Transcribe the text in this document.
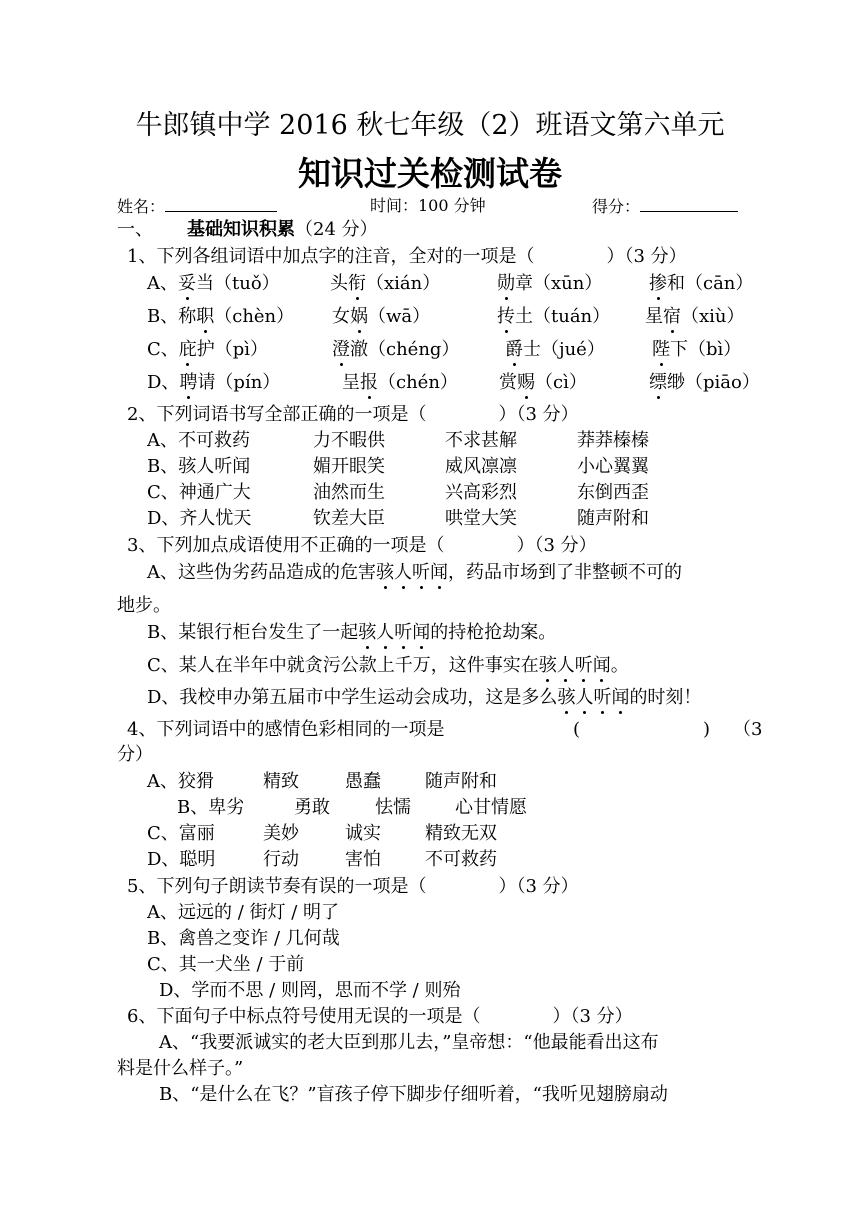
牛郎镇中学 2016 秋七年级（2）班语文第六单元
知识过关检测试卷
姓名：	时间：100 分钟	得分：
一、 基础知识积累（24 分）
1、下列各组词语中加点字的注音，全对的一项是（　　　　）（3 分）
A、妥当（tuǒ）	头衔（xián）	勋章（xūn）	掺和（cān）
B、称职（chèn） 女娲（wā）	抟土（tuán） 星宿（xiù）
C、庇护（pì）	澄澈（chéng）	爵士（jué）	陛下（bì）
D、聘请（pín）	呈报（chén） 赏赐（cì）	缥缈（piāo）
2、下列词语书写全部正确的一项是（　　　　）（3 分）
A、不可救药	力不暇供	不求甚解	莽莽榛榛
B、骇人听闻	媚开眼笑	威风凛凛	小心翼翼
C、神通广大	油然而生	兴高彩烈	东倒西歪
D、齐人忧天	钦差大臣	哄堂大笑	随声附和
3、下列加点成语使用不正确的一项是（　　　　）（3 分）
A、这些伪劣药品造成的危害骇人听闻，药品市场到了非整顿不可的
地步。
B、某银行柜台发生了一起骇人听闻的持枪抢劫案。
C、某人在半年中就贪污公款上千万，这件事实在骇人听闻。
D、我校申办第五届市中学生运动会成功，这是多么骇人听闻的时刻！
4、下列词语中的感情色彩相同的一项是	(	) （3
分）
A、狡猾	精致	愚蠢 随声附和
B、卑劣	勇敢	怯懦 心甘情愿
C、富丽	美妙	诚实 精致无双
D、聪明	行动	害怕 不可救药
5、下列句子朗读节奏有误的一项是（　　　　）（3 分）
A、远远的 / 街灯 / 明了
B、禽兽之变诈 / 几何哉
C、其一犬坐 / 于前
D、学而不思 / 则罔，思而不学 / 则殆
6、下面句子中标点符号使用无误的一项是（　　　　）（3 分）
A、“我要派诚实的老大臣到那儿去，”皇帝想：“他最能看出这布
料是什么样子。”
B、“是什么在飞？”盲孩子停下脚步仔细听着，“我听见翅膀扇动
